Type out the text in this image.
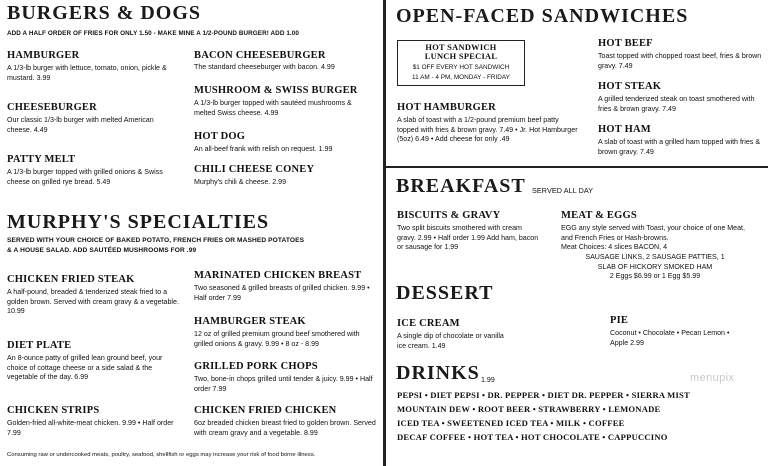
BURGERS & DOGS
ADD A HALF ORDER OF FRIES FOR ONLY 1.50 - MAKE MINE A 1/2-POUND BURGER! ADD 1.00
HAMBURGER
A 1/3-lb burger with lettuce, tomato, onion, pickle & mustard. 3.99
CHEESEBURGER
Our classic 1/3-lb burger with melted American cheese. 4.49
PATTY MELT
A 1/3-lb burger topped with grilled onions & Swiss cheese on grilled rye bread. 5.49
BACON CHEESEBURGER
The standard cheeseburger with bacon. 4.99
MUSHROOM & SWISS BURGER
A 1/3-lb burger topped with sautéed mushrooms & melted Swiss cheese. 4.99
HOT DOG
An all-beef frank with relish on request. 1.99
CHILI CHEESE CONEY
Murphy's chili & cheese. 2.99
MURPHY'S SPECIALTIES
SERVED WITH YOUR CHOICE OF BAKED POTATO, FRENCH FRIES OR MASHED POTATOES & A HOUSE SALAD. ADD SAUTÉED MUSHROOMS FOR .99
CHICKEN FRIED STEAK
A half-pound, breaded & tenderized steak fried to a golden brown. Served with cream gravy & a vegetable. 10.99
DIET PLATE
An 8-ounce patty of grilled lean ground beef, your choice of cottage cheese or a side salad & the vegetable of the day. 6.99
CHICKEN STRIPS
Golden-fried all-white-meat chicken. 9.99 • Half order 7.99
MARINATED CHICKEN BREAST
Two seasoned & grilled breasts of grilled chicken. 9.99 • Half order 7.99
HAMBURGER STEAK
12 oz of grilled premium ground beef smothered with grilled onions & gravy. 9.99 • 8 oz - 8.99
GRILLED PORK CHOPS
Two, bone-in chops grilled until tender & juicy. 9.99 • Half order 7.99
CHICKEN FRIED CHICKEN
6oz breaded chicken breast fried to golden brown. Served with cream gravy and a vegetable. 8.99
Consuming raw or undercooked meats, poultry, seafood, shellfish or eggs may increase your risk of food borne illness.
OPEN-FACED SANDWICHES
HOT SANDWICH
LUNCH SPECIAL
$1 OFF EVERY HOT SANDWICH
11 AM - 4 PM, MONDAY - FRIDAY
HOT HAMBURGER
A slab of toast with a 1/2-pound premium beef patty topped with fries & brown gravy. 7.49 • Jr. Hot Hamburger (5oz) 6.49 • Add cheese for only .49
HOT BEEF
Toast topped with chopped roast beef, fries & brown gravy. 7.49
HOT STEAK
A grilled tenderized steak on toast smothered with fries & brown gravy. 7.49
HOT HAM
A slab of toast with a grilled ham topped with fries & brown gravy. 7.49
BREAKFAST SERVED ALL DAY
BISCUITS & GRAVY
Two split biscuits smothered with cream gravy. 2.99 • Half order 1.99 Add ham, bacon or sausage for 1.99
MEAT & EGGS
EGG any style served with Toast, your choice of one Meat, and French Fries or Hash-browns.
Meat Choices: 4 slices BACON, 4
SAUSAGE LINKS, 2 SAUSAGE PATTIES, 1
SLAB OF HICKORY SMOKED HAM
2 Eggs $6.99 or 1 Egg $5.99
DESSERT
ICE CREAM
A single dip of chocolate or vanilla ice cream. 1.49
PIE
Coconut • Chocolate • Pecan Lemon • Apple 2.99
DRINKS 1.99	menupix
PEPSI • DIET PEPSI • DR. PEPPER • DIET DR. PEPPER • SIERRA MIST
MOUNTAIN DEW • ROOT BEER • STRAWBERRY • LEMONADE
ICED TEA • SWEETENED ICED TEA • MILK • COFFEE
DECAF COFFEE • HOT TEA • HOT CHOCOLATE • CAPPUCCINO
